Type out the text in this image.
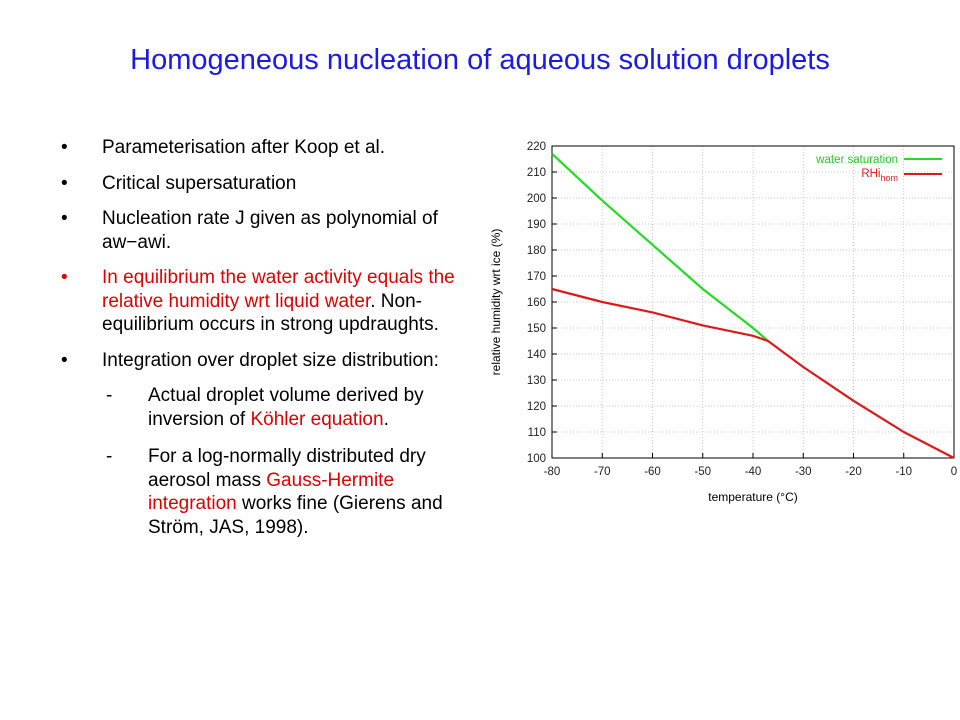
Homogeneous nucleation of aqueous solution droplets
• Parameterisation after Koop et al.
• Critical supersaturation
• Nucleation rate J given as polynomial of aw−awi.
• In equilibrium the water activity equals the relative humidity wrt liquid water. Non-equilibrium occurs in strong updraughts.
• Integration over droplet size distribution:
- Actual droplet volume derived by inversion of Köhler equation.
- For a log-normally distributed dry aerosol mass Gauss-Hermite integration works fine (Gierens and Ström, JAS, 1998).
100
110
120
130
140
150
160
170
180
190
200
210
220
-80	-70	-60	-50	-40	-30	-20	-10	0
relative humidity wrt ice (%)
temperature (°C)
water saturation
RHi$_{hom}$
